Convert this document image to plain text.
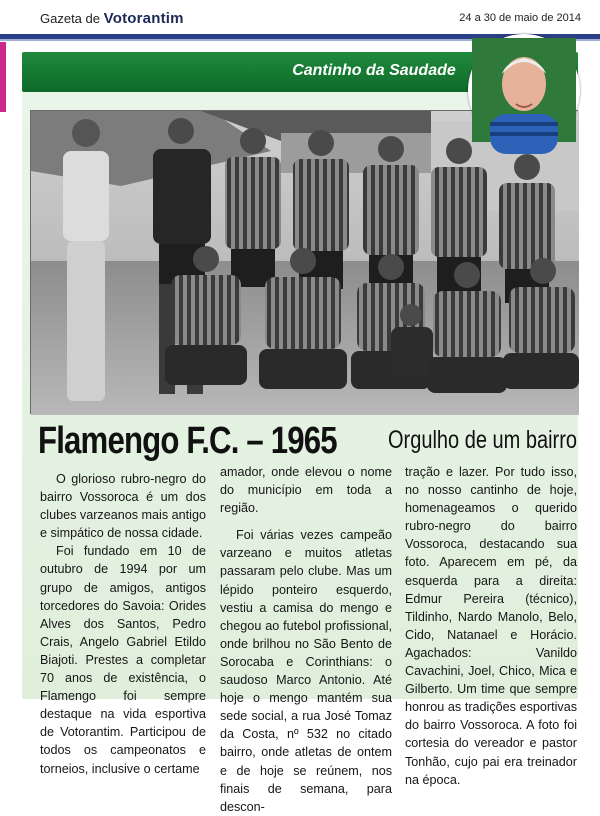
Gazeta de Votorantim	24 a 30 de maio de 2014
Cantinho da Saudade
Flamengo F.C. – 1965 Orgulho de um bairro

O glorioso rubro-negro do bairro Vossoroca é um dos clubes varzeanos mais antigo e simpático de nossa cidade.

Foi fundado em 10 de outubro de 1994 por um grupo de amigos, antigos torcedores do Savoia: Orides Alves dos Santos, Pedro Crais, Angelo Gabriel Etildo Biajoti. Prestes a completar 70 anos de existência, o Flamengo foi sempre destaque na vida esportiva de Votorantim. Participou de todos os campeonatos e torneios, inclusive o certame

amador, onde elevou o nome do município em toda a região.

Foi várias vezes campeão varzeano e muitos atletas passaram pelo clube. Mas um lépido ponteiro esquerdo, vestiu a camisa do mengo e chegou ao futebol profissional, onde brilhou no São Bento de Sorocaba e Corinthians: o saudoso Marco Antonio. Até hoje o mengo mantém sua sede social, a rua José Tomaz da Costa, nº 532 no citado bairro, onde atletas de ontem e de hoje se reúnem, nos finais de semana, para descon-

tração e lazer. Por tudo isso, no nosso cantinho de hoje, homenageamos o querido rubro-negro do bairro Vossoroca, destacando sua foto. Aparecem em pé, da esquerda para a direita: Edmur Pereira (técnico), Tildinho, Nardo Manolo, Belo, Cido, Natanael e Horácio. Agachados: Vanildo Cavachini, Joel, Chico, Mica e Gilberto. Um time que sempre honrou as tradições esportivas do bairro Vossoroca. A foto foi cortesia do vereador e pastor Tonhão, cujo pai era treinador na época.
